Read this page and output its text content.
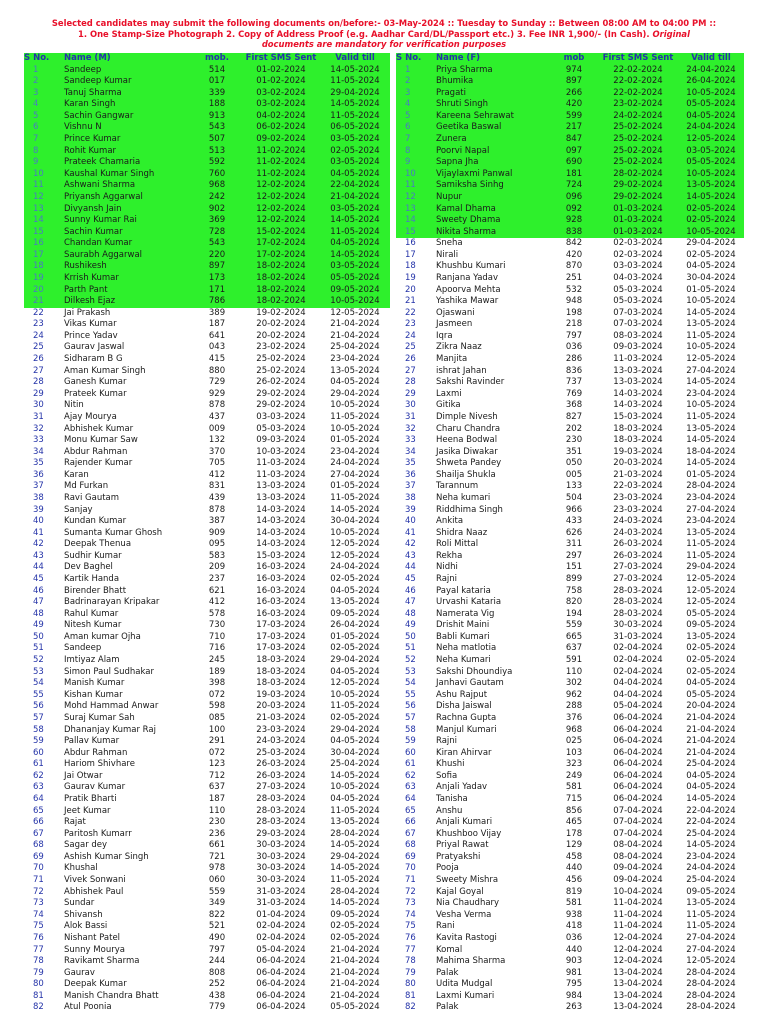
Selected candidates may submit the following documents on/before:- 03-May-2024 :: Tuesday to Sunday :: Between 08:00 AM to 04:00 PM ::
1. One Stamp-Size Photograph 2. Copy of Address Proof (e.g. Aadhar Card/DL/Passport etc.) 3. Fee INR 1,900/- (In Cash). Original
documents are mandatory for verification purposes
S No.	Name (M)	mob.	First SMS Sent	Valid till
1	Sandeep	514	01-02-2024	14-05-2024
2	Sandeep Kumar	017	01-02-2024	11-05-2024
3	Tanuj Sharma	339	03-02-2024	29-04-2024
4	Karan Singh	188	03-02-2024	14-05-2024
5	Sachin Gangwar	913	04-02-2024	11-05-2024
6	Vishnu N	543	06-02-2024	06-05-2024
7	Prince Kumar	507	09-02-2024	03-05-2024
8	Rohit Kumar	513	11-02-2024	02-05-2024
9	Prateek Chamaria	592	11-02-2024	03-05-2024
10	Kaushal Kumar Singh	760	11-02-2024	04-05-2024
11	Ashwani Sharma	968	12-02-2024	22-04-2024
12	Priyansh Aggarwal	242	12-02-2024	21-04-2024
13	Divyansh Jain	902	12-02-2024	03-05-2024
14	Sunny Kumar Rai	369	12-02-2024	14-05-2024
15	Sachin Kumar	728	15-02-2024	11-05-2024
16	Chandan Kumar	543	17-02-2024	04-05-2024
17	Saurabh Aggarwal	220	17-02-2024	14-05-2024
18	Rushikesh	897	18-02-2024	03-05-2024
19	Krrish Kumar	173	18-02-2024	05-05-2024
20	Parth Pant	171	18-02-2024	09-05-2024
21	Dilkesh Ejaz	786	18-02-2024	10-05-2024
22	Jai Prakash	389	19-02-2024	12-05-2024
23	Vikas Kumar	187	20-02-2024	21-04-2024
24	Prince Yadav	641	20-02-2024	21-04-2024
25	Gaurav Jaswal	043	23-02-2024	25-04-2024
26	Sidharam B G	415	25-02-2024	23-04-2024
27	Aman Kumar Singh	880	25-02-2024	13-05-2024
28	Ganesh Kumar	729	26-02-2024	04-05-2024
29	Prateek Kumar	929	29-02-2024	29-04-2024
30	Nitin	878	29-02-2024	10-05-2024
31	Ajay Mourya	437	03-03-2024	11-05-2024
32	Abhishek Kumar	009	05-03-2024	10-05-2024
33	Monu Kumar Saw	132	09-03-2024	01-05-2024
34	Abdur Rahman	370	10-03-2024	23-04-2024
35	Rajender Kumar	705	11-03-2024	24-04-2024
36	Karan	412	11-03-2024	27-04-2024
37	Md Furkan	831	13-03-2024	01-05-2024
38	Ravi Gautam	439	13-03-2024	11-05-2024
39	Sanjay	878	14-03-2024	14-05-2024
40	Kundan Kumar	387	14-03-2024	30-04-2024
41	Sumanta Kumar Ghosh	909	14-03-2024	10-05-2024
42	Deepak Thenua	095	14-03-2024	12-05-2024
43	Sudhir Kumar	583	15-03-2024	12-05-2024
44	Dev Baghel	209	16-03-2024	24-04-2024
45	Kartik Handa	237	16-03-2024	02-05-2024
46	Birender Bhatt	621	16-03-2024	04-05-2024
47	Badrinarayan Kripakar	412	16-03-2024	13-05-2024
48	Rahul Kumar	578	16-03-2024	09-05-2024
49	Nitesh Kumar	730	17-03-2024	26-04-2024
50	Aman kumar Ojha	710	17-03-2024	01-05-2024
51	Sandeep	716	17-03-2024	02-05-2024
52	Imtiyaz Alam	245	18-03-2024	29-04-2024
53	Simon Paul Sudhakar	189	18-03-2024	04-05-2024
54	Manish Kumar	398	18-03-2024	12-05-2024
55	Kishan Kumar	072	19-03-2024	10-05-2024
56	Mohd Hammad Anwar	598	20-03-2024	11-05-2024
57	Suraj Kumar Sah	085	21-03-2024	02-05-2024
58	Dhananjay Kumar Raj	100	23-03-2024	29-04-2024
59	Pallav Kumar	291	24-03-2024	04-05-2024
60	Abdur Rahman	072	25-03-2024	30-04-2024
61	Hariom Shivhare	123	26-03-2024	25-04-2024
62	Jai Otwar	712	26-03-2024	14-05-2024
63	Gaurav Kumar	637	27-03-2024	10-05-2024
64	Pratik Bharti	187	28-03-2024	04-05-2024
65	Jeet Kumar	110	28-03-2024	11-05-2024
66	Rajat	230	28-03-2024	13-05-2024
67	Paritosh Kumarr	236	29-03-2024	28-04-2024
68	Sagar dey	661	30-03-2024	14-05-2024
69	Ashish Kumar Singh	721	30-03-2024	29-04-2024
70	Khushal	978	30-03-2024	14-05-2024
71	Vivek Sonwani	060	30-03-2024	11-05-2024
72	Abhishek Paul	559	31-03-2024	28-04-2024
73	Sundar	349	31-03-2024	14-05-2024
74	Shivansh	822	01-04-2024	09-05-2024
75	Alok Bassi	521	02-04-2024	02-05-2024
76	Nishant Patel	490	02-04-2024	02-05-2024
77	Sunny Mourya	797	05-04-2024	21-04-2024
78	Ravikamt Sharma	244	06-04-2024	21-04-2024
79	Gaurav	808	06-04-2024	21-04-2024
80	Deepak Kumar	252	06-04-2024	21-04-2024
81	Manish Chandra Bhatt	438	06-04-2024	21-04-2024
82	Atul Poonia	779	06-04-2024	05-05-2024
S No.	Name (F)	mob	First SMS Sent	Valid till
1	Priya Sharma	974	22-02-2024	24-04-2024
2	Bhumika	897	22-02-2024	26-04-2024
3	Pragati	266	22-02-2024	10-05-2024
4	Shruti Singh	420	23-02-2024	05-05-2024
5	Kareena Sehrawat	599	24-02-2024	04-05-2024
6	Geetika Baswal	217	25-02-2024	24-04-2024
7	Zunera	847	25-02-2024	12-05-2024
8	Poorvi Napal	097	25-02-2024	03-05-2024
9	Sapna Jha	690	25-02-2024	05-05-2024
10	Vijaylaxmi Panwal	181	28-02-2024	10-05-2024
11	Samiksha Sinhg	724	29-02-2024	13-05-2024
12	Nupur	096	29-02-2024	14-05-2024
13	Kamal Dhama	092	01-03-2024	02-05-2024
14	Sweety Dhama	928	01-03-2024	02-05-2024
15	Nikita Sharma	838	01-03-2024	10-05-2024
16	Sneha	842	02-03-2024	29-04-2024
17	Nirali	420	02-03-2024	02-05-2024
18	Khushbu Kumari	870	03-03-2024	04-05-2024
19	Ranjana Yadav	251	04-03-2024	30-04-2024
20	Apoorva Mehta	532	05-03-2024	01-05-2024
21	Yashika Mawar	948	05-03-2024	10-05-2024
22	Ojaswani	198	07-03-2024	14-05-2024
23	Jasmeen	218	07-03-2024	13-05-2024
24	Iqra	797	08-03-2024	11-05-2024
25	Zikra Naaz	036	09-03-2024	10-05-2024
26	Manjita	286	11-03-2024	12-05-2024
27	ishrat Jahan	836	13-03-2024	27-04-2024
28	Sakshi Ravinder	737	13-03-2024	14-05-2024
29	Laxmi	769	14-03-2024	23-04-2024
30	Gitika	368	14-03-2024	10-05-2024
31	Dimple Nivesh	827	15-03-2024	11-05-2024
32	Charu Chandra	202	18-03-2024	13-05-2024
33	Heena Bodwal	230	18-03-2024	14-05-2024
34	Jasika Diwakar	351	19-03-2024	18-04-2024
35	Shweta Pandey	050	20-03-2024	14-05-2024
36	Shailja Shukla	005	21-03-2024	01-05-2024
37	Tarannum	133	22-03-2024	28-04-2024
38	Neha kumari	504	23-03-2024	23-04-2024
39	Riddhima Singh	966	23-03-2024	27-04-2024
40	Ankita	433	24-03-2024	23-04-2024
41	Shidra Naaz	626	24-03-2024	13-05-2024
42	Roli Mittal	311	26-03-2024	11-05-2024
43	Rekha	297	26-03-2024	11-05-2024
44	Nidhi	151	27-03-2024	29-04-2024
45	Rajni	899	27-03-2024	12-05-2024
46	Payal kataria	758	28-03-2024	12-05-2024
47	Urvashi Kataria	820	28-03-2024	12-05-2024
48	Namerata Vig	194	28-03-2024	05-05-2024
49	Drishit Maini	559	30-03-2024	09-05-2024
50	Babli Kumari	665	31-03-2024	13-05-2024
51	Neha matlotia	637	02-04-2024	02-05-2024
52	Neha Kumari	591	02-04-2024	02-05-2024
53	Sakshi Dhoundiya	110	02-04-2024	02-05-2024
54	Janhavi Gautam	302	04-04-2024	04-05-2024
55	Ashu Rajput	962	04-04-2024	05-05-2024
56	Disha Jaiswal	288	05-04-2024	20-04-2024
57	Rachna Gupta	376	06-04-2024	21-04-2024
58	Manjul Kumari	968	06-04-2024	21-04-2024
59	Rajni	025	06-04-2024	21-04-2024
60	Kiran Ahirvar	103	06-04-2024	21-04-2024
61	Khushi	323	06-04-2024	25-04-2024
62	Sofia	249	06-04-2024	04-05-2024
63	Anjali Yadav	581	06-04-2024	04-05-2024
64	Tanisha	715	06-04-2024	14-05-2024
65	Anshu	856	07-04-2024	22-04-2024
66	Anjali Kumari	465	07-04-2024	22-04-2024
67	Khushboo Vijay	178	07-04-2024	25-04-2024
68	Priyal Rawat	129	08-04-2024	14-05-2024
69	Pratyakshi	458	08-04-2024	23-04-2024
70	Pooja	440	09-04-2024	24-04-2024
71	Sweety Mishra	456	09-04-2024	25-04-2024
72	Kajal Goyal	819	10-04-2024	09-05-2024
73	Nia Chaudhary	581	11-04-2024	13-05-2024
74	Vesha Verma	938	11-04-2024	11-05-2024
75	Rani	418	11-04-2024	11-05-2024
76	Kavita Rastogi	036	12-04-2024	27-04-2024
77	Komal	440	12-04-2024	27-04-2024
78	Mahima Sharma	903	12-04-2024	12-05-2024
79	Palak	981	13-04-2024	28-04-2024
80	Udita Mudgal	795	13-04-2024	28-04-2024
81	Laxmi Kumari	984	13-04-2024	28-04-2024
82	Palak	263	13-04-2024	28-04-2024
